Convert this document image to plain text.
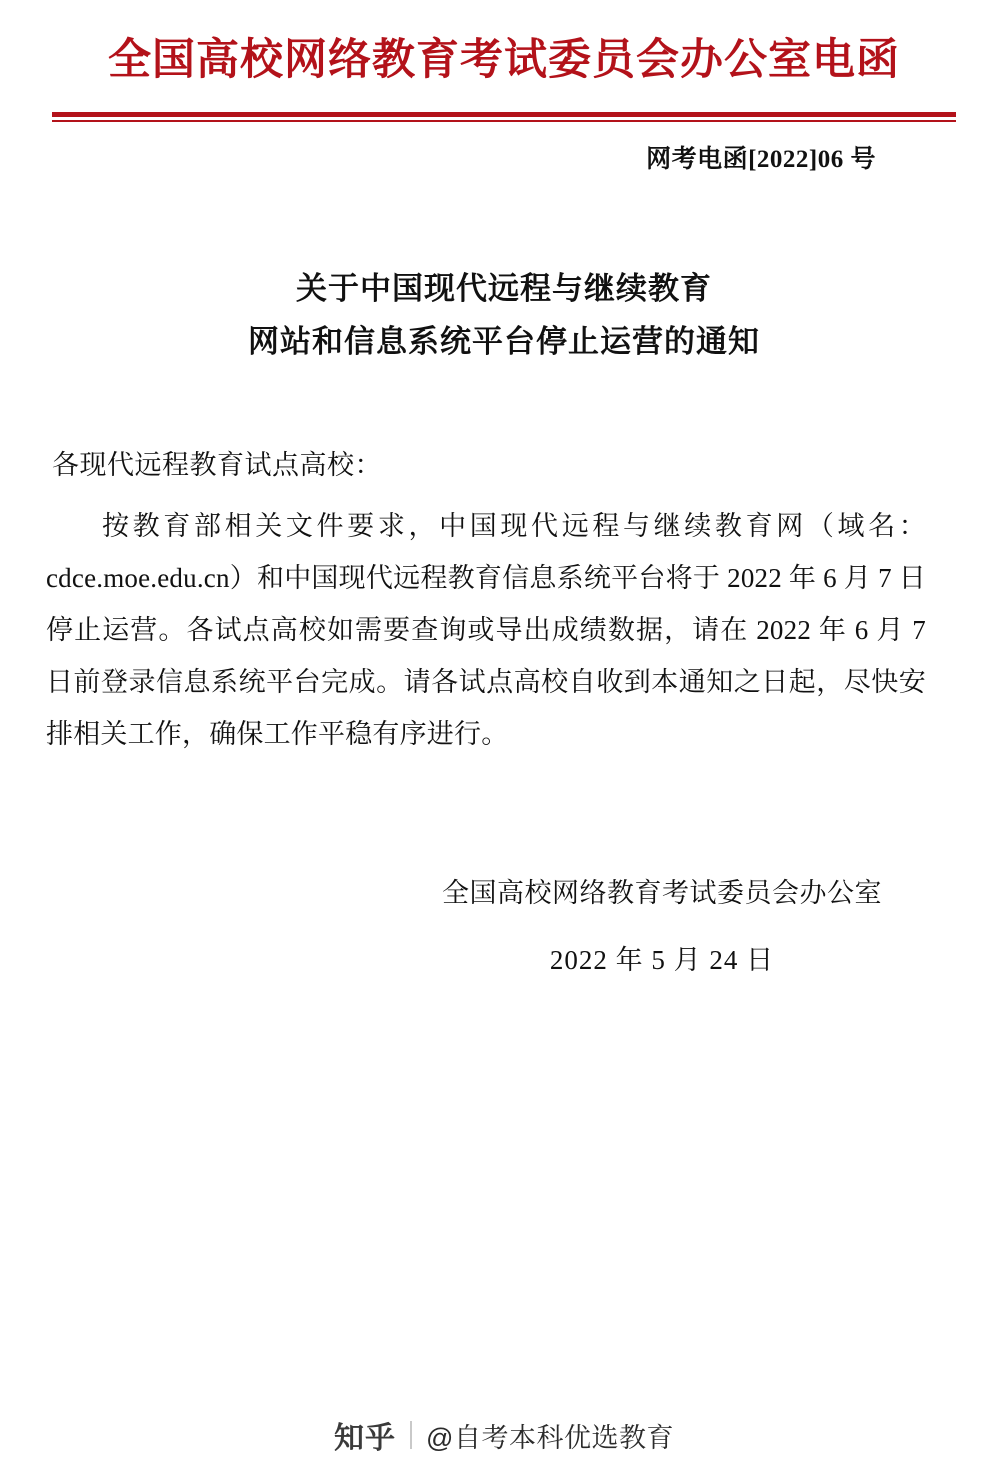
全国高校网络教育考试委员会办公室电函
网考电函[2022]06 号
关于中国现代远程与继续教育
网站和信息系统平台停止运营的通知
各现代远程教育试点高校：
按教育部相关文件要求，中国现代远程与继续教育网（域名：cdce.moe.edu.cn）和中国现代远程教育信息系统平台将于 2022 年 6 月 7 日停止运营。各试点高校如需要查询或导出成绩数据，请在 2022 年 6 月 7 日前登录信息系统平台完成。请各试点高校自收到本通知之日起，尽快安排相关工作，确保工作平稳有序进行。
全国高校网络教育考试委员会办公室
2022 年 5 月 24 日
知乎 @自考本科优选教育
